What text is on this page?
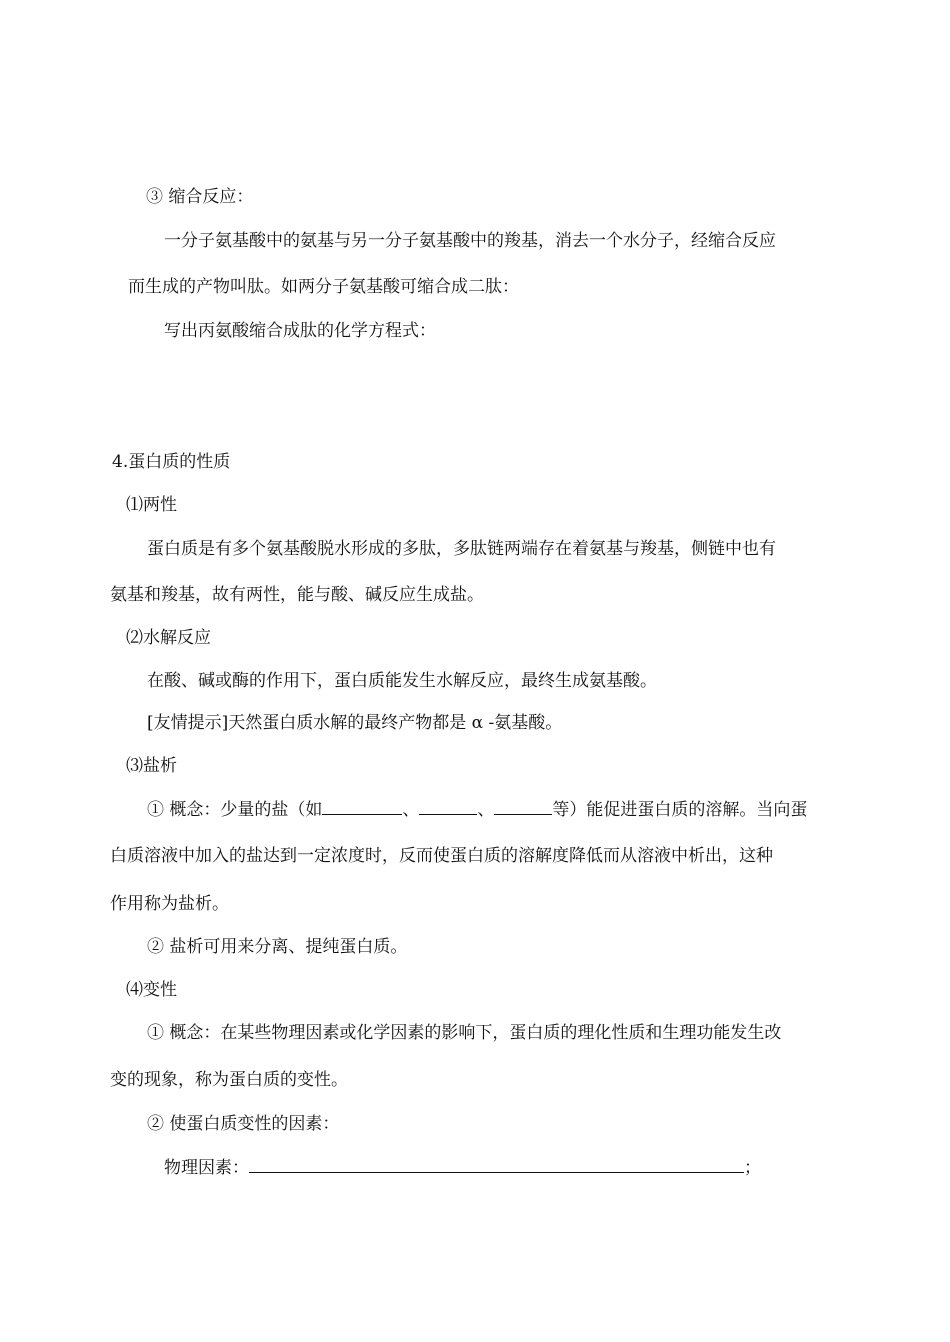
③ 缩合反应：
一分子氨基酸中的氨基与另一分子氨基酸中的羧基，消去一个水分子，经缩合反应
而生成的产物叫肽。如两分子氨基酸可缩合成二肽：
写出丙氨酸缩合成肽的化学方程式：
4.蛋白质的性质
⑴两性
蛋白质是有多个氨基酸脱水形成的多肽，多肽链两端存在着氨基与羧基，侧链中也有
氨基和羧基，故有两性，能与酸、碱反应生成盐。
⑵水解反应
在酸、碱或酶的作用下，蛋白质能发生水解反应，最终生成氨基酸。
[友情提示]天然蛋白质水解的最终产物都是 α -氨基酸。
⑶盐析
① 概念：少量的盐（如	、	、	等）能促进蛋白质的溶解。当向蛋
白质溶液中加入的盐达到一定浓度时，反而使蛋白质的溶解度降低而从溶液中析出，这种
作用称为盐析。
② 盐析可用来分离、提纯蛋白质。
⑷变性
① 概念：在某些物理因素或化学因素的影响下，蛋白质的理化性质和生理功能发生改
变的现象，称为蛋白质的变性。
② 使蛋白质变性的因素：
物理因素：	；
